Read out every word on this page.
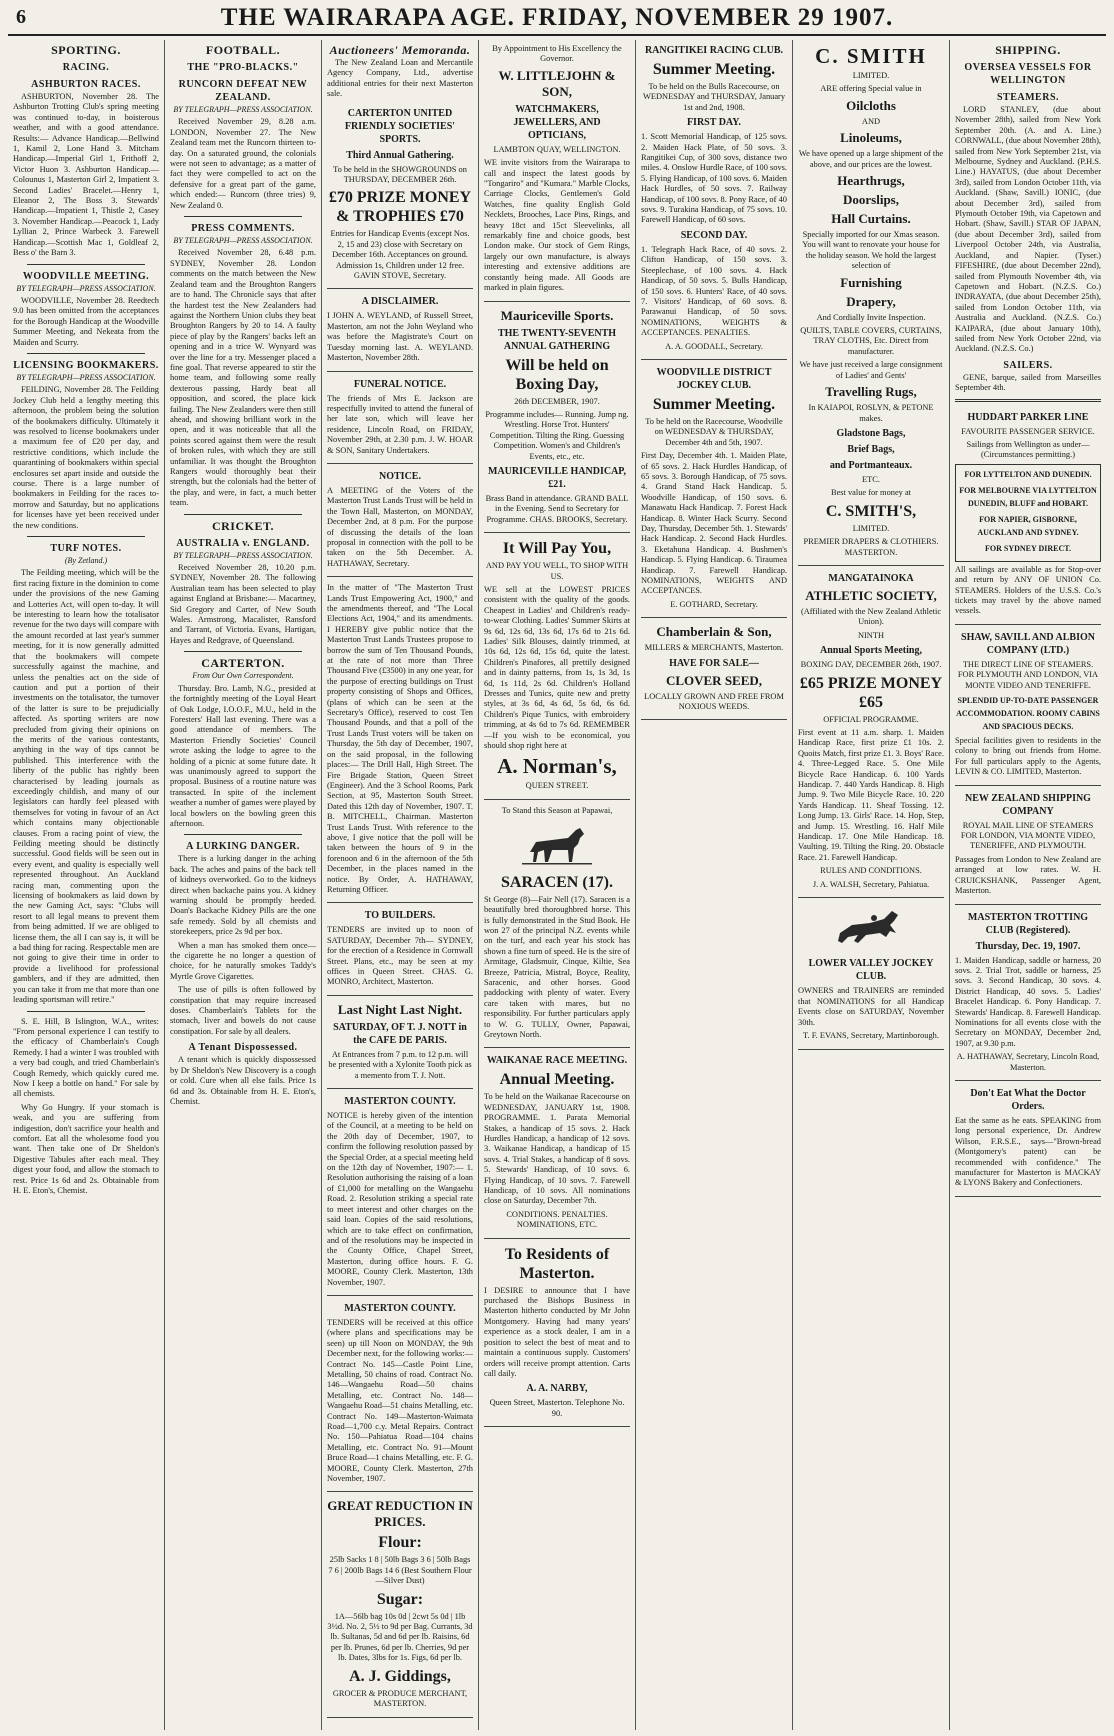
6	THE WAIRARAPA AGE. FRIDAY, NOVEMBER 29 1907.
SPORTING.
RACING.
ASHBURTON RACES.

ASHBURTON, November 28. The Ashburton Trotting Club's spring meeting was continued to-day, in boisterous weather, and with a good attendance. Results:— Advance Handicap.—Bellwind 1, Kamil 2, Lone Hand 3. Mitcham Handicap.—Imperial Girl 1, Frithoff 2, Victor Huon 3. Ashburton Handicap.—Colounus 1, Masterton Girl 2, Impatient 3. Second Ladies' Bracelet.—Henry 1, Eleanor 2, The Boss 3. Stewards' Handicap.—Impatient 1, Thistle 2, Casey 3. November Handicap.—Peacock 1, Lady Lyllian 2, Prince Warbeck 3. Farewell Handicap.—Scottish Mac 1, Goldleaf 2, Bess o' the Barn 3.

WOODVILLE MEETING.
BY TELEGRAPH—PRESS ASSOCIATION.

WOODVILLE, November 28. Reedtech 9.0 has been omitted from the acceptances for the Borough Handicap at the Woodville Summer Meeting, and Nekeata from the Maiden and Scurry.

LICENSING BOOKMAKERS.
BY TELEGRAPH—PRESS ASSOCIATION.

FEILDING, November 28. The Feilding Jockey Club held a lengthy meeting this afternoon, the problem being the solution of the bookmakers difficulty. Ultimately it was resolved to license bookmakers under a maximum fee of £20 per day, and restrictive conditions, which include the quarantining of bookmakers within special enclosures set apart inside and outside the course. There is a large number of bookmakers in Feilding for the races to-morrow and Saturday, but no applications for licenses have yet been received under the new conditions.

TURF NOTES.
(By Zetland.)

The Feilding meeting, which will be the first racing fixture in the dominion to come under the provisions of the new Gaming and Lotteries Act, will open to-day. It will be interesting to learn how the totalisator revenue for the two days will compare with the amount recorded at last year's summer meeting, for it is now generally admitted that the bookmakers will compete successfully against the machine, and unless the penalties act on the side of caution and put a portion of their investments on the totalisator, the turnover of the latter is sure to be prejudicially affected. As sporting writers are now precluded from giving their opinions on the merits of the various contestants, anything in the way of tips cannot be published. This interference with the liberty of the public has rightly been characterised by leading journals as exceedingly childish, and many of our legislators can hardly feel pleased with themselves for voting in favour of an Act which contains many objectionable clauses. From a racing point of view, the Feilding meeting should be distinctly successful. Good fields will be seen out in every event, and quality is especially well represented throughout. An Auckland racing man, commenting upon the licensing of bookmakers as laid down by the new Gaming Act, says: "Clubs will resort to all legal means to prevent them from being admitted. If we are obliged to license them, the all I can say is, it will be a bad thing for racing. Respectable men are not going to give their time in order to provide a livelihood for professional gamblers, and if they are admitted, then you can take it from me that more than one leading sportsman will retire."

S. E. Hill, B Islington, W.A., writes: "From personal experience I can testify to the efficacy of Chamberlain's Cough Remedy. I had a winter I was troubled with a very bad cough, and tried Chamberlain's Cough Remedy, which quickly cured me. Now I keep a bottle on hand." For sale by all chemists.

Why Go Hungry. If your stomach is weak, and you are suffering from indigestion, don't sacrifice your health and comfort. Eat all the wholesome food you want. Then take one of Dr Sheldon's Digestive Tabules after each meal. They digest your food, and allow the stomach to rest. Price 1s 6d and 2s. Obtainable from H. E. Eton's, Chemist.

FOOTBALL.
THE "PRO-BLACKS."
RUNCORN DEFEAT NEW ZEALAND.
BY TELEGRAPH—PRESS ASSOCIATION.

Received November 29, 8.28 a.m. LONDON, November 27. The New Zealand team met the Runcorn thirteen to-day. On a saturated ground, the colonials were not seen to advantage; as a matter of fact they were compelled to act on the defensive for a great part of the game, which ended:— Runcorn (three tries) 9, New Zealand 0.

PRESS COMMENTS.
BY TELEGRAPH—PRESS ASSOCIATION.

Received November 28, 6.48 p.m. SYDNEY, November 28. London comments on the match between the New Zealand team and the Broughton Rangers are to hand. The Chronicle says that after the hardest test the New Zealanders had against the Northern Union clubs they beat Broughton Rangers by 20 to 14. A faulty piece of play by the Rangers' backs left an opening and in a trice W. Wynyard was over the line for a try. Messenger placed a fine goal. That reverse appeared to stir the home team, and following some really dexterous passing, Hardy beat all opposition, and scored, the place kick failing. The New Zealanders were then still ahead, and showing brilliant work in the open, and it was noticeable that all the points scored against them were the result of broken rules, with which they are still unfamiliar. It was thought the Broughton Rangers would thoroughly beat their strength, but the colonials had the better of the play, and were, in fact, a much better team.

CRICKET.
AUSTRALIA v. ENGLAND.
BY TELEGRAPH—PRESS ASSOCIATION.

Received November 28, 10.20 p.m. SYDNEY, November 28. The following Australian team has been selected to play against England at Brisbane:— Macartney, Sid Gregory and Carter, of New South Wales. Armstrong, Macalister, Ransford and Tarrant, of Victoria. Evans, Hartigan, Hayes and Redgrave, of Queensland.

CARTERTON.
From Our Own Correspondent.

Thursday. Bro. Lamb, N.G., presided at the fortnightly meeting of the Loyal Heart of Oak Lodge, I.O.O.F., M.U., held in the Foresters' Hall last evening. There was a good attendance of members. The Masterton Friendly Societies' Council wrote asking the lodge to agree to the holding of a picnic at some future date. It was unanimously agreed to support the proposal. Business of a routine nature was transacted. In spite of the inclement weather a number of games were played by local bowlers on the bowling green this afternoon.

A LURKING DANGER.

There is a lurking danger in the aching back. The aches and pains of the back tell of kidneys overworked. Go to the kidneys direct when backache pains you. A kidney warning should be promptly heeded. Doan's Backache Kidney Pills are the one safe remedy. Sold by all chemists and storekeepers, price 2s 9d per box.

When a man has smoked them once—the cigarette he no longer a question of choice, for he naturally smokes Taddy's Myrtle Grove Cigarettes.

The use of pills is often followed by constipation that may require increased doses. Chamberlain's Tablets for the stomach, liver and bowels do not cause constipation. For sale by all dealers.

A Tenant Dispossessed.

A tenant which is quickly dispossessed by Dr Sheldon's New Discovery is a cough or cold. Cure when all else fails. Price 1s 6d and 3s. Obtainable from H. E. Eton's, Chemist.

Auctioneers' Memoranda.

The New Zealand Loan and Mercantile Agency Company, Ltd., advertise additional entries for their next Masterton sale.

CARTERTON UNITED FRIENDLY SOCIETIES' SPORTS.

Third Annual Gathering.

To be held in the SHOWGROUNDS on THURSDAY, DECEMBER 26th.

£70 PRIZE MONEY & TROPHIES £70

Entries for Handicap Events (except Nos. 2, 15 and 23) close with Secretary on December 16th. Acceptances on ground. Admission 1s, Children under 12 free. GAVIN STOVE, Secretary.

A DISCLAIMER.

I JOHN A. WEYLAND, of Russell Street, Masterton, am not the John Weyland who was before the Magistrate's Court on Tuesday morning last. A. WEYLAND. Masterton, November 28th.

FUNERAL NOTICE.

The friends of Mrs E. Jackson are respectfully invited to attend the funeral of her late son, which will leave her residence, Lincoln Road, on FRIDAY, November 29th, at 2.30 p.m. J. W. HOAR & SON, Sanitary Undertakers.

NOTICE.

A MEETING of the Voters of the Masterton Trust Lands Trust will be held in the Town Hall, Masterton, on MONDAY, December 2nd, at 8 p.m. For the purpose of discussing the details of the loan proposal in connection with the poll to be taken on the 5th December. A. HATHAWAY, Secretary.

In the matter of "The Masterton Trust Lands Trust Empowering Act, 1900," and the amendments thereof, and "The Local Elections Act, 1904," and its amendments. I HEREBY give public notice that the Masterton Trust Lands Trustees propose to borrow the sum of Ten Thousand Pounds, at the rate of not more than Three Thousand Five (£3500) in any one year, for the purpose of erecting buildings on Trust property consisting of Shops and Offices, (plans of which can be seen at the Secretary's Office), reserved to cost Ten Thousand Pounds, and that a poll of the Trust Lands Trust voters will be taken on Thursday, the 5th day of December, 1907, on the said proposal, in the following places:— The Drill Hall, High Street. The Fire Brigade Station, Queen Street (Engineer). And the 3 School Rooms, Park Section, at 95, Masterton South Street. Dated this 12th day of November, 1907. T. B. MITCHELL, Chairman. Masterton Trust Lands Trust. With reference to the above, I give notice that the poll will be taken between the hours of 9 in the forenoon and 6 in the afternoon of the 5th December, in the places named in the notice. By Order, A. HATHAWAY, Returning Officer.

TO BUILDERS.

TENDERS are invited up to noon of SATURDAY, December 7th— SYDNEY, for the erection of a Residence in Cornwall Street. Plans, etc., may be seen at my offices in Queen Street. CHAS. G. MONRO, Architect, Masterton.

Last Night Last Night.

SATURDAY, OF T. J. NOTT in the CAFE DE PARIS.

At Entrances from 7 p.m. to 12 p.m. will be presented with a Xylonite Tooth pick as a memento from T. J. Nott.

MASTERTON COUNTY.

NOTICE is hereby given of the intention of the Council, at a meeting to be held on the 20th day of December, 1907, to confirm the following resolution passed by the Special Order, at a special meeting held on the 12th day of November, 1907:— 1. Resolution authorising the raising of a loan of £1,000 for metalling on the Wangaehu Road. 2. Resolution striking a special rate to meet interest and other charges on the said loan. Copies of the said resolutions, which are to take effect on confirmation, and of the resolutions may be inspected in the County Office, Chapel Street, Masterton, during office hours. F. G. MOORE, County Clerk. Masterton, 13th November, 1907.

MASTERTON COUNTY.

TENDERS will be received at this office (where plans and specifications may be seen) up till Noon on MONDAY, the 9th December next, for the following works:— Contract No. 145—Castle Point Line, Metalling, 50 chains of road. Contract No. 146—Wangaehu Road—50 chains Metalling, etc. Contract No. 148—Wangaehu Road—51 chains Metalling, etc. Contract No. 149—Masterton-Waimata Road—1,700 c.y. Metal Repairs. Contract No. 150—Pahiatua Road—104 chains Metalling, etc. Contract No. 91—Mount Bruce Road—1 chains Metalling, etc. F. G. MOORE, County Clerk. Masterton, 27th November, 1907.

GREAT REDUCTION IN PRICES.

Flour:

25lb Sacks 1 8 | 50lb Bags 3 6 | 50lb Bags 7 6 | 200lb Bags 14 6 (Best Southern Flour—Silver Dust)

Sugar:

1A—56lb bag 10s 0d | 2cwt 5s 0d | 1lb 3½d. No. 2, 5½ to 9d per Bag. Currants, 3d lb. Sultanas, 5d and 6d per lb. Raisins, 6d per lb. Prunes, 6d per lb. Cherries, 9d per lb. Dates, 3lbs for 1s. Figs, 6d per lb.

A. J. Giddings,

GROCER & PRODUCE MERCHANT, MASTERTON.

By Appointment to His Excellency the Governor.

W. LITTLEJOHN & SON,

WATCHMAKERS, JEWELLERS, AND OPTICIANS,

LAMBTON QUAY, WELLINGTON.

WE invite visitors from the Wairarapa to call and inspect the latest goods by "Tongariro" and "Kumara." Marble Clocks, Carriage Clocks, Gentlemen's Gold Watches, fine quality English Gold Necklets, Brooches, Lace Pins, Rings, and heavy 18ct and 15ct Sleevelinks, all remarkably fine and choice goods, best London make. Our stock of Gem Rings, largely our own manufacture, is always interesting and extensive additions are constantly being made. All Goods are marked in plain figures.

Mauriceville Sports.

THE TWENTY-SEVENTH ANNUAL GATHERING

Will be held on Boxing Day,

26th DECEMBER, 1907.

Programme includes— Running. Jump ng. Wrestling. Horse Trot. Hunters' Competition. Tilting the Ring. Guessing Competition. Women's and Children's Events, etc., etc.

MAURICEVILLE HANDICAP, £21.

Brass Band in attendance. GRAND BALL in the Evening. Send to Secretary for Programme. CHAS. BROOKS, Secretary.

It Will Pay You,

AND PAY YOU WELL, TO SHOP WITH US.

WE sell at the LOWEST PRICES consistent with the quality of the goods. Cheapest in Ladies' and Children's ready-to-wear Clothing. Ladies' Summer Skirts at 9s 6d, 12s 6d, 13s 6d, 17s 6d to 21s 6d. Ladies' Silk Blouses, daintly trimmed, at 10s 6d, 12s 6d, 15s 6d, quite the latest. Children's Pinafores, all prettily designed and in dainty patterns, from 1s, 1s 3d, 1s 6d, 1s 11d, 2s 6d. Children's Holland Dresses and Tunics, quite new and pretty styles, at 3s 6d, 4s 6d, 5s 6d, 6s 6d. Children's Pique Tunics, with embroidery trimming, at 4s 6d to 7s 6d. REMEMBER—If you wish to be economical, you should shop right here at

A. Norman's,

QUEEN STREET.

To Stand this Season at Papawai,

SARACEN (17).

St George (8)—Fair Nell (17). Saracen is a beautifully bred thoroughbred horse. This is fully demonstrated in the Stud Book. He won 27 of the principal N.Z. events while on the turf, and each year his stock has shown a fine turn of speed. He is the sire of Armitage, Gladsmuir, Cinque, Kiltie, Sea Breeze, Patricia, Mistral, Boyce, Reality, Saracenic, and other horses. Good paddocking with plenty of water. Every care taken with mares, but no responsibility. For further particulars apply to W. G. TULLY, Owner, Papawai, Greytown North.

WAIKANAE RACE MEETING.

Annual Meeting.

To be held on the Waikanae Racecourse on WEDNESDAY, JANUARY 1st, 1908. PROGRAMME. 1. Parata Memorial Stakes, a handicap of 15 sovs. 2. Hack Hurdles Handicap, a handicap of 12 sovs. 3. Waikanae Handicap, a handicap of 15 sovs. 4. Trial Stakes, a handicap of 8 sovs. 5. Stewards' Handicap, of 10 sovs. 6. Flying Handicap, of 10 sovs. 7. Farewell Handicap, of 10 sovs. All nominations close on Saturday, December 7th.

CONDITIONS. PENALTIES. NOMINATIONS, ETC.

To Residents of Masterton.

I DESIRE to announce that I have purchased the Bishops Business in Masterton hitherto conducted by Mr John Montgomery. Having had many years' experience as a stock dealer, I am in a position to select the best of meat and to maintain a continuous supply. Customers' orders will receive prompt attention. Carts call daily.

A. A. NARBY,

Queen Street, Masterton. Telephone No. 90.

RANGITIKEI RACING CLUB.

Summer Meeting.

To be held on the Bulls Racecourse, on WEDNESDAY and THURSDAY, January 1st and 2nd, 1908.

FIRST DAY.

1. Scott Memorial Handicap, of 125 sovs. 2. Maiden Hack Plate, of 50 sovs. 3. Rangitikei Cup, of 300 sovs, distance two miles. 4. Onslow Hurdle Race, of 100 sovs. 5. Flying Handicap, of 100 sovs. 6. Maiden Hack Hurdles, of 50 sovs. 7. Railway Handicap, of 100 sovs. 8. Pony Race, of 40 sovs. 9. Turakina Handicap, of 75 sovs. 10. Farewell Handicap, of 60 sovs.

SECOND DAY.

1. Telegraph Hack Race, of 40 sovs. 2. Clifton Handicap, of 150 sovs. 3. Steeplechase, of 100 sovs. 4. Hack Handicap, of 50 sovs. 5. Bulls Handicap, of 150 sovs. 6. Hunters' Race, of 40 sovs. 7. Visitors' Handicap, of 60 sovs. 8. Parawanui Handicap, of 50 sovs. NOMINATIONS, WEIGHTS & ACCEPTANCES. PENALTIES.

A. A. GOODALL, Secretary.

WOODVILLE DISTRICT JOCKEY CLUB.

Summer Meeting.

To be held on the Racecourse, Woodville on WEDNESDAY & THURSDAY, December 4th and 5th, 1907.

First Day, December 4th. 1. Maiden Plate, of 65 sovs. 2. Hack Hurdles Handicap, of 65 sovs. 3. Borough Handicap, of 75 sovs. 4. Grand Stand Hack Handicap. 5. Woodville Handicap, of 150 sovs. 6. Manawatu Hack Handicap. 7. Forest Hack Handicap. 8. Winter Hack Scurry. Second Day, Thursday, December 5th. 1. Stewards' Hack Handicap. 2. Second Hack Hurdles. 3. Eketahuna Handicap. 4. Bushmen's Handicap. 5. Flying Handicap. 6. Tiraumea Handicap. 7. Farewell Handicap. NOMINATIONS, WEIGHTS AND ACCEPTANCES.

E. GOTHARD, Secretary.

Chamberlain & Son,

MILLERS & MERCHANTS, Masterton.

HAVE FOR SALE—

CLOVER SEED,

LOCALLY GROWN AND FREE FROM NOXIOUS WEEDS.

C. SMITH

LIMITED.

ARE offering Special value in

Oilcloths

AND

Linoleums,

We have opened up a large shipment of the above, and our prices are the lowest.

Hearthrugs,

Doorslips,

Hall Curtains.

Specially imported for our Xmas season. You will want to renovate your house for the holiday season. We hold the largest selection of

Furnishing

Drapery,

And Cordially Invite Inspection.

QUILTS, TABLE COVERS, CURTAINS, TRAY CLOTHS, Etc. Direct from manufacturer.

We have just received a large consignment of Ladies' and Gents'

Travelling Rugs,

In KAIAPOI, ROSLYN, & PETONE makes.

Gladstone Bags,

Brief Bags,

and Portmanteaux.

ETC.

Best value for money at

C. SMITH'S,

LIMITED.

PREMIER DRAPERS & CLOTHIERS. MASTERTON.

MANGATAINOKA

ATHLETIC SOCIETY,

(Affiliated with the New Zealand Athletic Union).

NINTH

Annual Sports Meeting,

BOXING DAY, DECEMBER 26th, 1907.

£65 PRIZE MONEY £65

OFFICIAL PROGRAMME.

First event at 11 a.m. sharp. 1. Maiden Handicap Race, first prize £1 10s. 2. Quoits Match, first prize £1. 3. Boys' Race. 4. Three-Legged Race. 5. One Mile Bicycle Race Handicap. 6. 100 Yards Handicap. 7. 440 Yards Handicap. 8. High Jump. 9. Two Mile Bicycle Race. 10. 220 Yards Handicap. 11. Sheaf Tossing. 12. Long Jump. 13. Girls' Race. 14. Hop, Step, and Jump. 15. Wrestling. 16. Half Mile Handicap. 17. One Mile Handicap. 18. Vaulting. 19. Tilting the Ring. 20. Obstacle Race. 21. Farewell Handicap.

RULES AND CONDITIONS.

J. A. WALSH, Secretary, Pahiatua.

LOWER VALLEY JOCKEY CLUB.

OWNERS and TRAINERS are reminded that NOMINATIONS for all Handicap Events close on SATURDAY, November 30th.

T. F. EVANS, Secretary, Martinborough.

SHIPPING.
OVERSEA VESSELS FOR WELLINGTON
STEAMERS.

LORD STANLEY, (due about November 28th), sailed from New York September 20th. (A. and A. Line.) CORNWALL, (due about November 28th), sailed from New York September 21st, via Melbourne, Sydney and Auckland. (P.H.S. Line.) HAYATUS, (due about December 3rd), sailed from London October 11th, via Auckland. (Shaw, Savill.) IONIC, (due about December 3rd), sailed from Plymouth October 19th, via Capetown and Hobart. (Shaw, Savill.) STAR OF JAPAN, (due about December 3rd), sailed from Liverpool October 24th, via Australia, Auckland, and Napier. (Tyser.) FIFESHIRE, (due about December 22nd), sailed from Plymouth November 4th, via Capetown and Hobart. (N.Z.S. Co.) INDRAYATA, (due about December 25th), sailed from London October 11th, via Australia and Auckland. (N.Z.S. Co.) KAIPARA, (due about January 10th), sailed from New York October 22nd, via Auckland. (N.Z.S. Co.)

SAILERS.

GENE, barque, sailed from Marseilles September 4th.

HUDDART PARKER LINE

FAVOURITE PASSENGER SERVICE.

Sailings from Wellington as under— (Circumstances permitting.)

FOR LYTTELTON AND DUNEDIN.

FOR MELBOURNE VIA LYTTELTON DUNEDIN, BLUFF and HOBART.

FOR NAPIER, GISBORNE, AUCKLAND AND SYDNEY.

FOR SYDNEY DIRECT.

All sailings are available as for Stop-over and return by ANY OF UNION Co. STEAMERS. Holders of the U.S.S. Co.'s tickets may travel by the above named vessels.

SHAW, SAVILL AND ALBION COMPANY (LTD.)

THE DIRECT LINE OF STEAMERS. FOR PLYMOUTH AND LONDON, VIA MONTE VIDEO AND TENERIFFE.

SPLENDID UP-TO-DATE PASSENGER ACCOMMODATION. ROOMY CABINS AND SPACIOUS DECKS.

Special facilities given to residents in the colony to bring out friends from Home. For full particulars apply to the Agents, LEVIN & CO. LIMITED, Masterton.

NEW ZEALAND SHIPPING COMPANY

ROYAL MAIL LINE OF STEAMERS FOR LONDON, VIA MONTE VIDEO, TENERIFFE, AND PLYMOUTH.

Passages from London to New Zealand are arranged at low rates. W. H. CRUICKSHANK, Passenger Agent, Masterton.

MASTERTON TROTTING CLUB (Registered).

Thursday, Dec. 19, 1907.

1. Maiden Handicap, saddle or harness, 20 sovs. 2. Trial Trot, saddle or harness, 25 sovs. 3. Second Handicap, 30 sovs. 4. District Handicap, 40 sovs. 5. Ladies' Bracelet Handicap. 6. Pony Handicap. 7. Stewards' Handicap. 8. Farewell Handicap. Nominations for all events close with the Secretary on MONDAY, December 2nd, 1907, at 9.30 p.m.

A. HATHAWAY, Secretary, Lincoln Road, Masterton.

Don't Eat What the Doctor Orders.

Eat the same as he eats. SPEAKING from long personal experience, Dr. Andrew Wilson, F.R.S.E., says—"Brown-bread (Montgomery's patent) can be recommended with confidence." The manufacturer for Masterton is MACKAY & LYONS Bakery and Confectioners.
